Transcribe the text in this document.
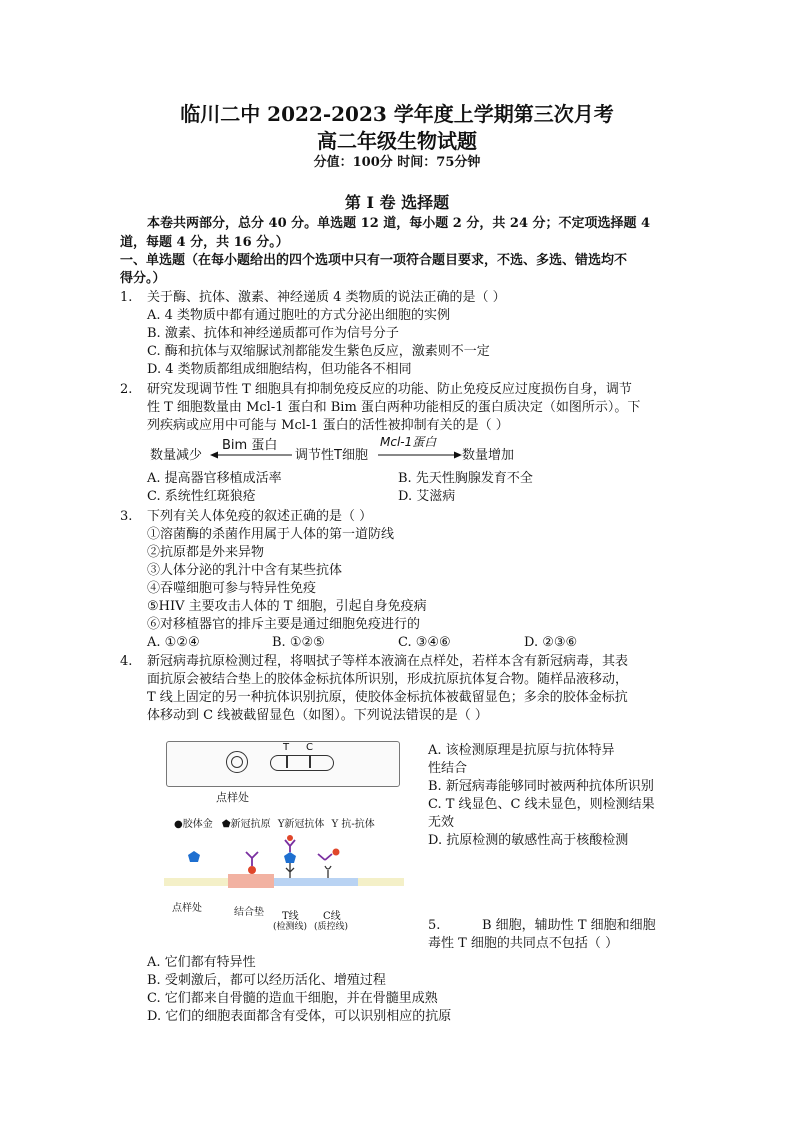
临川二中 2022-2023 学年度上学期第三次月考
高二年级生物试题
分值：100分 时间：75分钟
第 Ⅰ 卷 选择题
本卷共两部分，总分 40 分。单选题 12 道，每小题 2 分，共 24 分；不定项选择题 4
道，每题 4 分，共 16 分。）
一、单选题（在每小题给出的四个选项中只有一项符合题目要求，不选、多选、错选均不
得分。）
1. 关于酶、抗体、激素、神经递质 4 类物质的说法正确的是（ ）
A. 4 类物质中都有通过胞吐的方式分泌出细胞的实例
B. 激素、抗体和神经递质都可作为信号分子
C. 酶和抗体与双缩脲试剂都能发生紫色反应，激素则不一定
D. 4 类物质都组成细胞结构，但功能各不相同
2. 研究发现调节性 T 细胞具有抑制免疫反应的功能、防止免疫反应过度损伤自身，调节
性 T 细胞数量由 Mcl-1 蛋白和 Bim 蛋白两种功能相反的蛋白质决定（如图所示）。下
列疾病或应用中可能与 Mcl-1 蛋白的活性被抑制有关的是（ ）
数量减少
Bim 蛋白
调节性T细胞
Mcl-1蛋白
数量增加
A. 提高器官移植成活率	B. 先天性胸腺发育不全
C. 系统性红斑狼疮	D. 艾滋病
3. 下列有关人体免疫的叙述正确的是（ ）
①溶菌酶的杀菌作用属于人体的第一道防线
②抗原都是外来异物
③人体分泌的乳汁中含有某些抗体
④吞噬细胞可参与特异性免疫
⑤HIV 主要攻击人体的 T 细胞，引起自身免疫病
⑥对移植器官的排斥主要是通过细胞免疫进行的
A. ①②④	B. ①②⑤	C. ③④⑥	D. ②③⑥
4. 新冠病毒抗原检测过程，将咽拭子等样本液滴在点样处，若样本含有新冠病毒，其表
面抗原会被结合垫上的胶体金标抗体所识别，形成抗原抗体复合物。随样品液移动，
T 线上固定的另一种抗体识别抗原，使胶体金标抗体被截留显色；多余的胶体金标抗
体移动到 C 线被截留显色（如图）。下列说法错误的是（ ）
T C
点样处
●胶体金 ⬟新冠抗原 Y新冠抗体 Y 抗-抗体
点样处	结合垫 T线
(检测线)
C线
(质控线)
A. 该检测原理是抗原与抗体特异
性结合
B. 新冠病毒能够同时被两种抗体所识别
C. T 线显色、C 线未显色，则检测结果
无效
D. 抗原检测的敏感性高于核酸检测
5.	B 细胞，辅助性 T 细胞和细胞
毒性 T 细胞的共同点不包括（ ）
A. 它们都有特异性
B. 受刺激后，都可以经历活化、增殖过程
C. 它们都来自骨髓的造血干细胞，并在骨髓里成熟
D. 它们的细胞表面都含有受体，可以识别相应的抗原
